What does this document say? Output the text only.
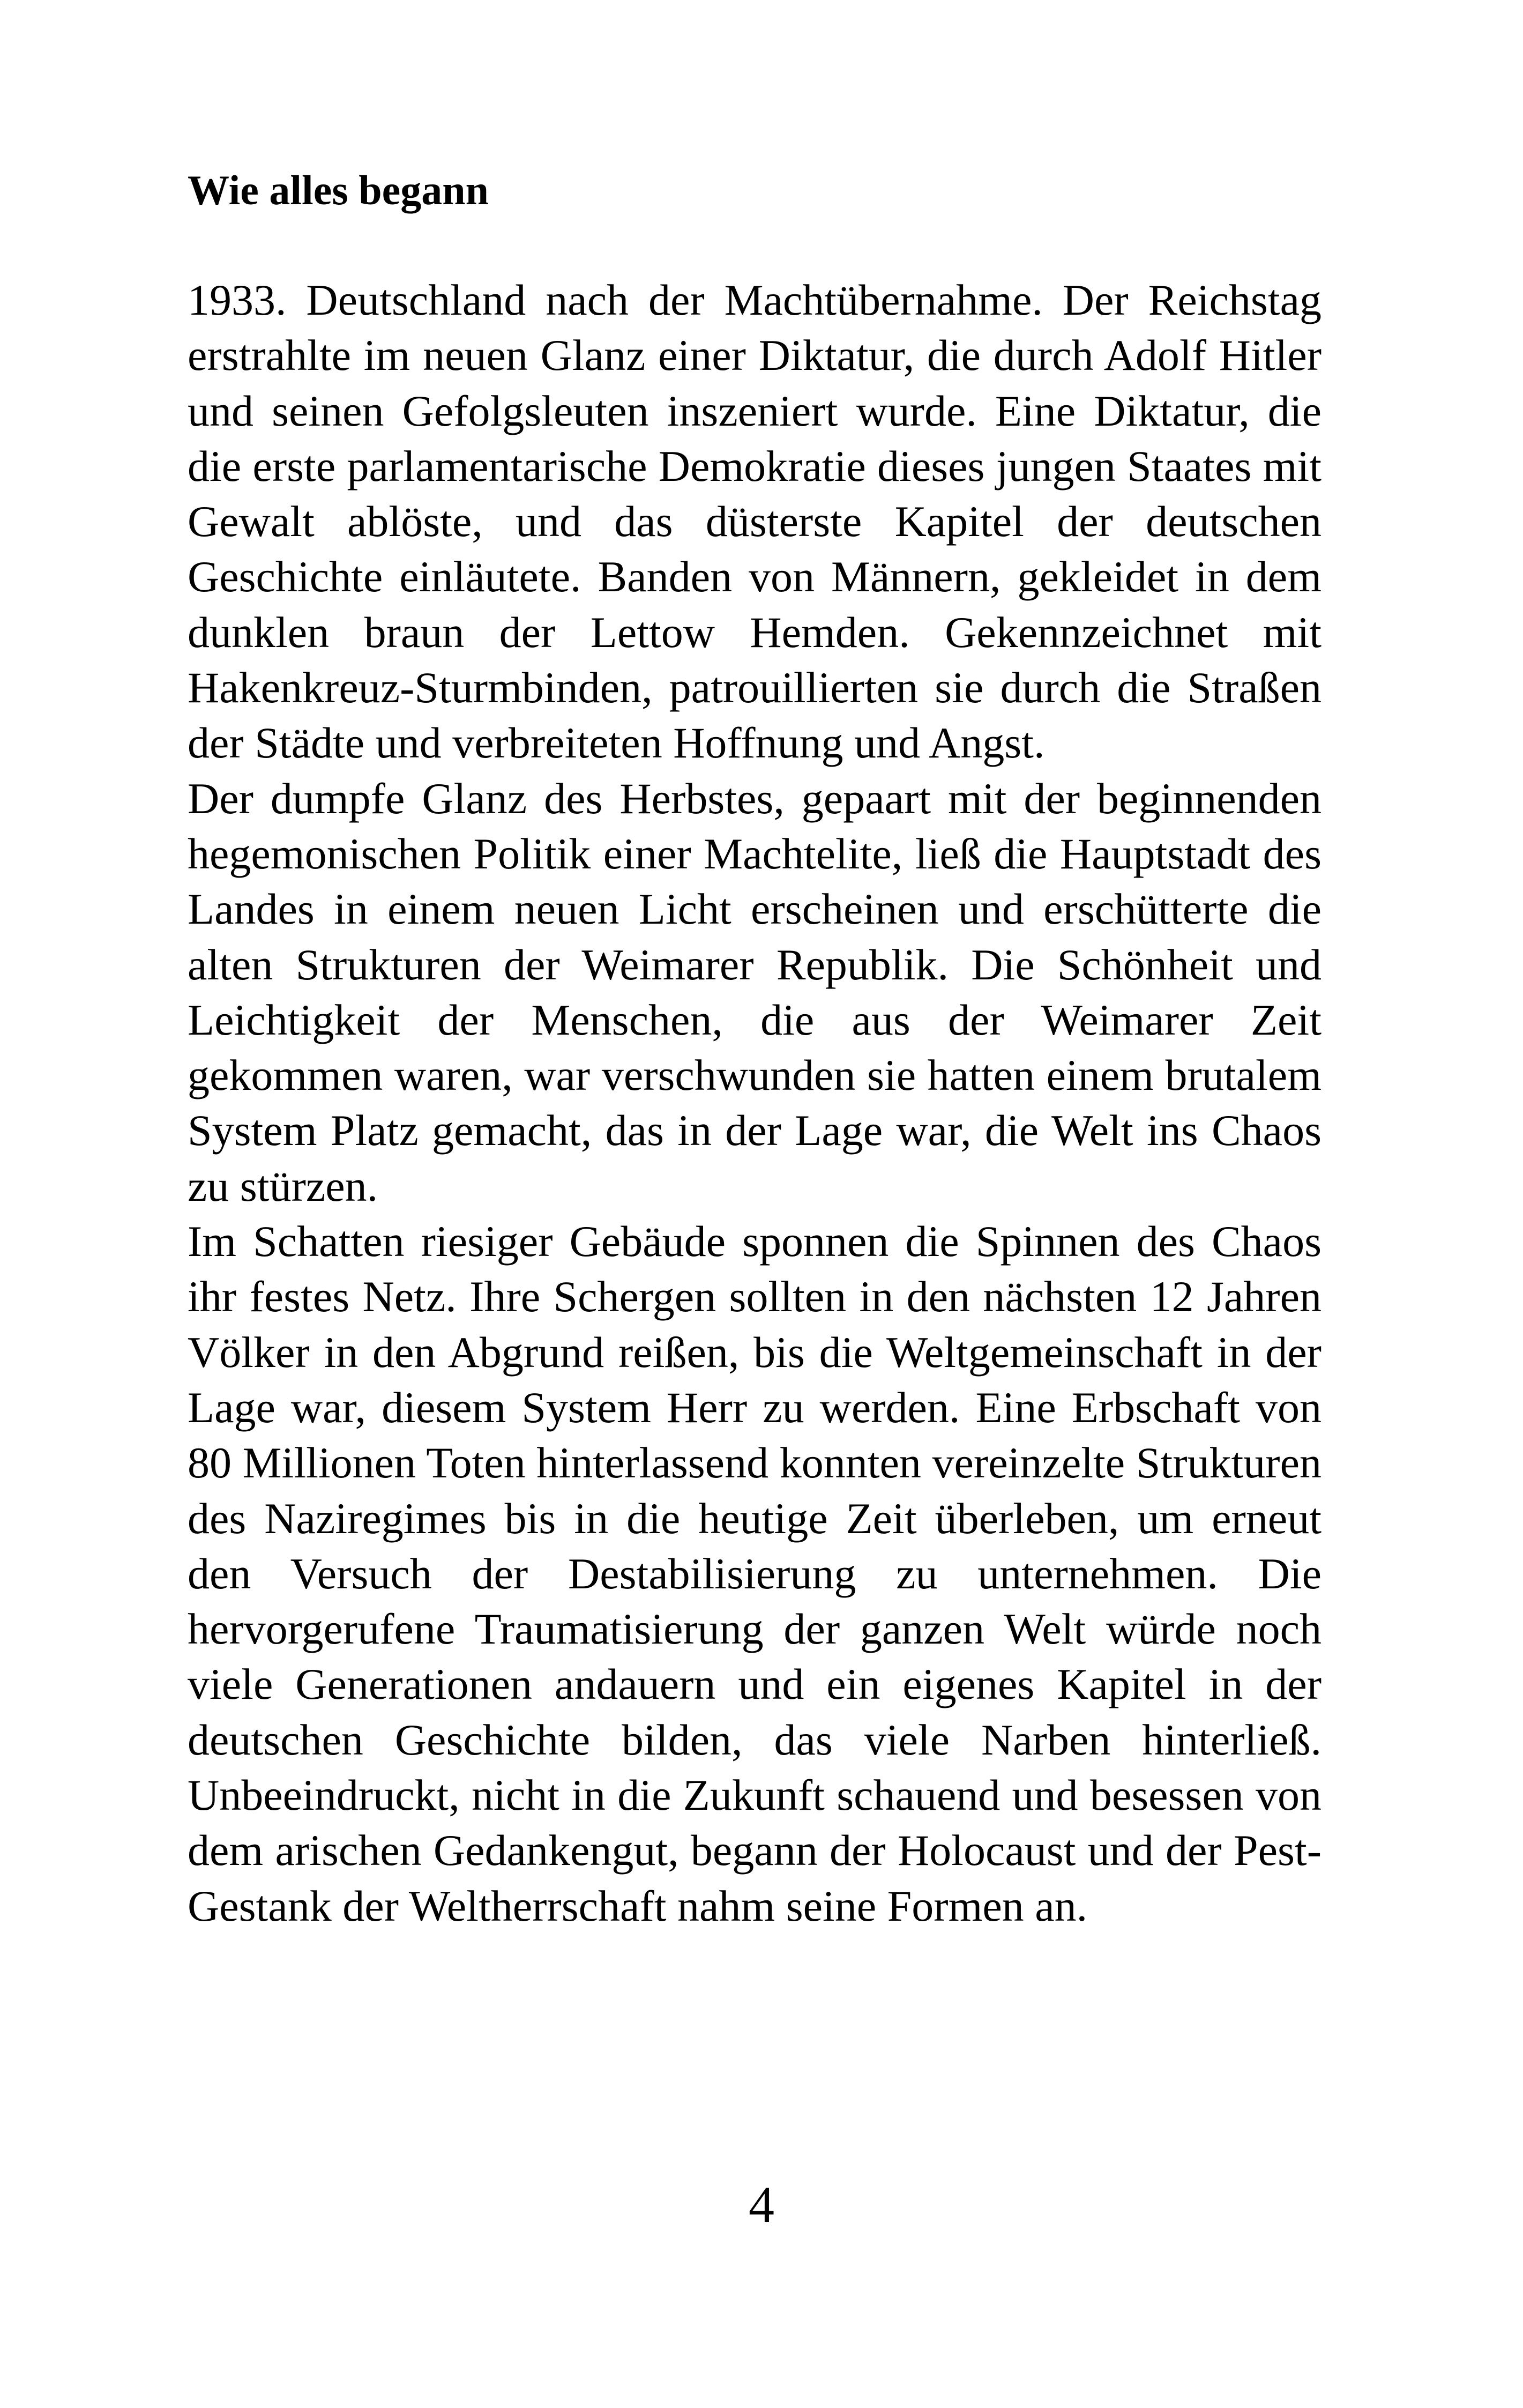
Wie alles begann

1933. Deutschland nach der Machtübernahme. Der Reichstag erstrahlte im neuen Glanz einer Diktatur, die durch Adolf Hitler und seinen Gefolgsleuten inszeniert wurde. Eine Diktatur, die die erste parlamentarische Demokratie dieses jungen Staates mit Gewalt ablöste, und das düsterste Kapitel der deutschen Geschichte einläutete. Banden von Männern, gekleidet in dem dunklen braun der Lettow Hemden. Gekennzeichnet mit Hakenkreuz-Sturmbinden, patrouillierten sie durch die Straßen der Städte und verbreiteten Hoffnung und Angst.

Der dumpfe Glanz des Herbstes, gepaart mit der beginnenden hegemonischen Politik einer Machtelite, ließ die Hauptstadt des Landes in einem neuen Licht erscheinen und erschütterte die alten Strukturen der Weimarer Republik. Die Schönheit und Leichtigkeit der Menschen, die aus der Weimarer Zeit gekommen waren, war verschwunden sie hatten einem brutalem System Platz gemacht, das in der Lage war, die Welt ins Chaos zu stürzen.

Im Schatten riesiger Gebäude sponnen die Spinnen des Chaos ihr festes Netz. Ihre Schergen sollten in den nächsten 12 Jahren Völker in den Abgrund reißen, bis die Weltgemeinschaft in der Lage war, diesem System Herr zu werden. Eine Erbschaft von 80 Millionen Toten hinterlassend konnten vereinzelte Strukturen des Naziregimes bis in die heutige Zeit überleben, um erneut den Versuch der Destabilisierung zu unternehmen. Die hervorgerufene Traumatisierung der ganzen Welt würde noch viele Generationen andauern und ein eigenes Kapitel in der deutschen Geschichte bilden, das viele Narben hinterließ. Unbeeindruckt, nicht in die Zukunft schauend und besessen von dem arischen Gedankengut, begann der Holocaust und der Pest-Gestank der Weltherrschaft nahm seine Formen an.

4
